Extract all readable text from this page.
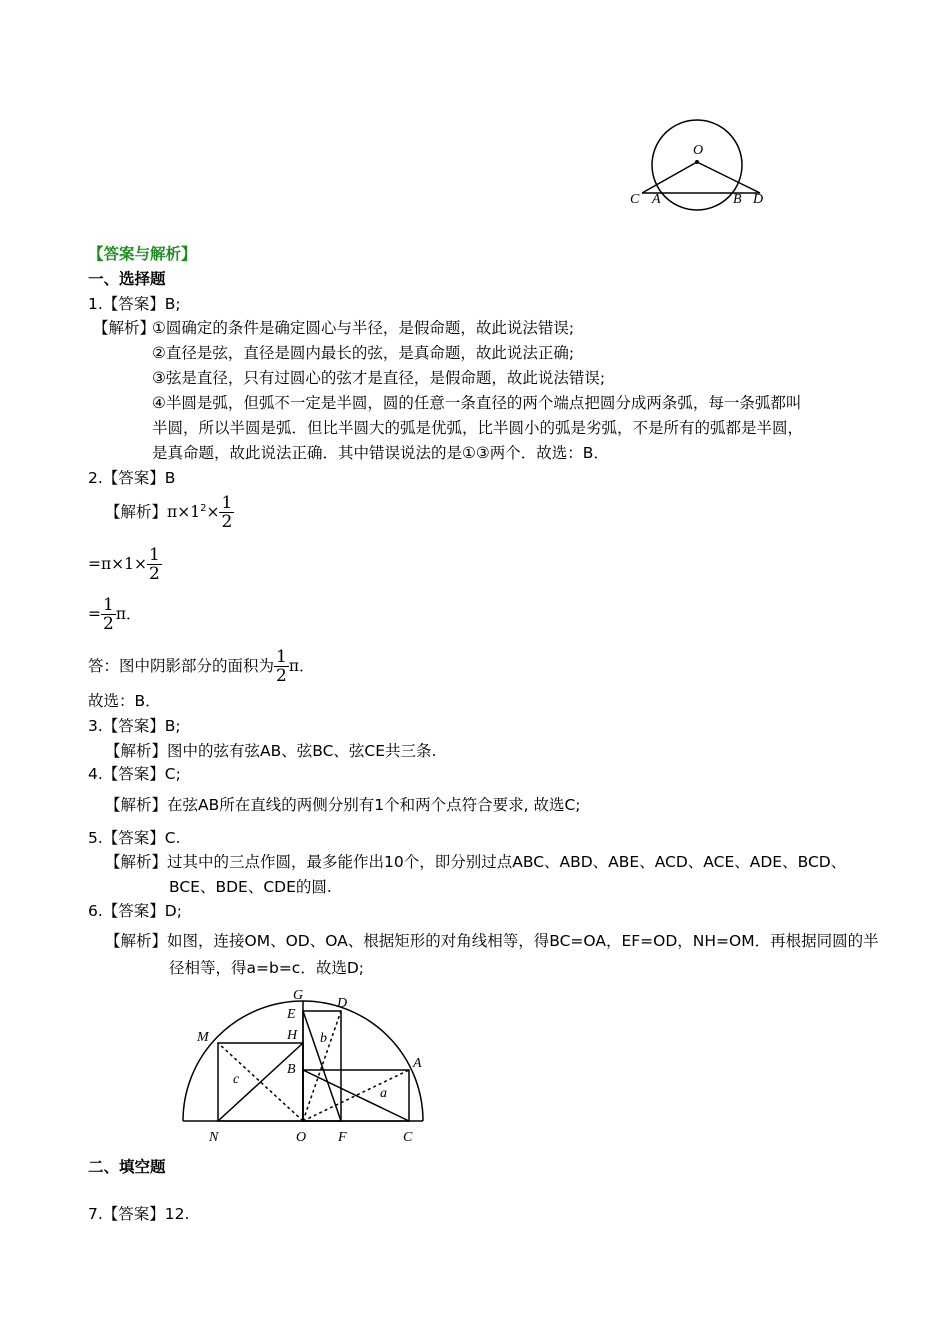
O
C A	B D
【答案与解析】
一、选择题
1.【答案】B;
【解析】
①圆确定的条件是确定圆心与半径，是假命题，故此说法错误;
②直径是弦，直径是圆内最长的弦，是真命题，故此说法正确;
③弦是直径，只有过圆心的弦才是直径，是假命题，故此说法错误;
④半圆是弧，但弧不一定是半圆，圆的任意一条直径的两个端点把圆分成两条弧，每一条弧都叫
半圆，所以半圆是弧．但比半圆大的弧是优弧，比半圆小的弧是劣弧，不是所有的弧都是半圆，
是真命题，故此说法正确．其中错误说法的是①③两个．故选：B．
2.【答案】B
【解析】$\pi\times 1^2\times \frac{1}{2}$
$=\pi\times 1\times \frac{1}{2}$
= $\frac{1}{2}$ π．
答：图中阴影部分的面积为 $\frac{1}{2}$ π．
故选：B．
3.【答案】B;
【解析】图中的弦有弦AB、弦BC、弦CE共三条.
4.【答案】C;
【解析】在弦AB所在直线的两侧分别有1个和两个点符合要求, 故选C;
5.【答案】C.
【解析】过其中的三点作圆，最多能作出10个，即分别过点ABC、ABD、ABE、ACD、ACE、ADE、BCD、
BCE、BDE、CDE的圆.
6.【答案】D;
【解析】如图，连接OM、OD、OA、根据矩形的对角线相等，得BC=OA，EF=OD，NH=OM．再根据同圆的半
径相等，得a=b=c．故选D;
G
D
E
H
M	b
B	A
c
a
N	O F	C
二、填空题
7.【答案】12.
